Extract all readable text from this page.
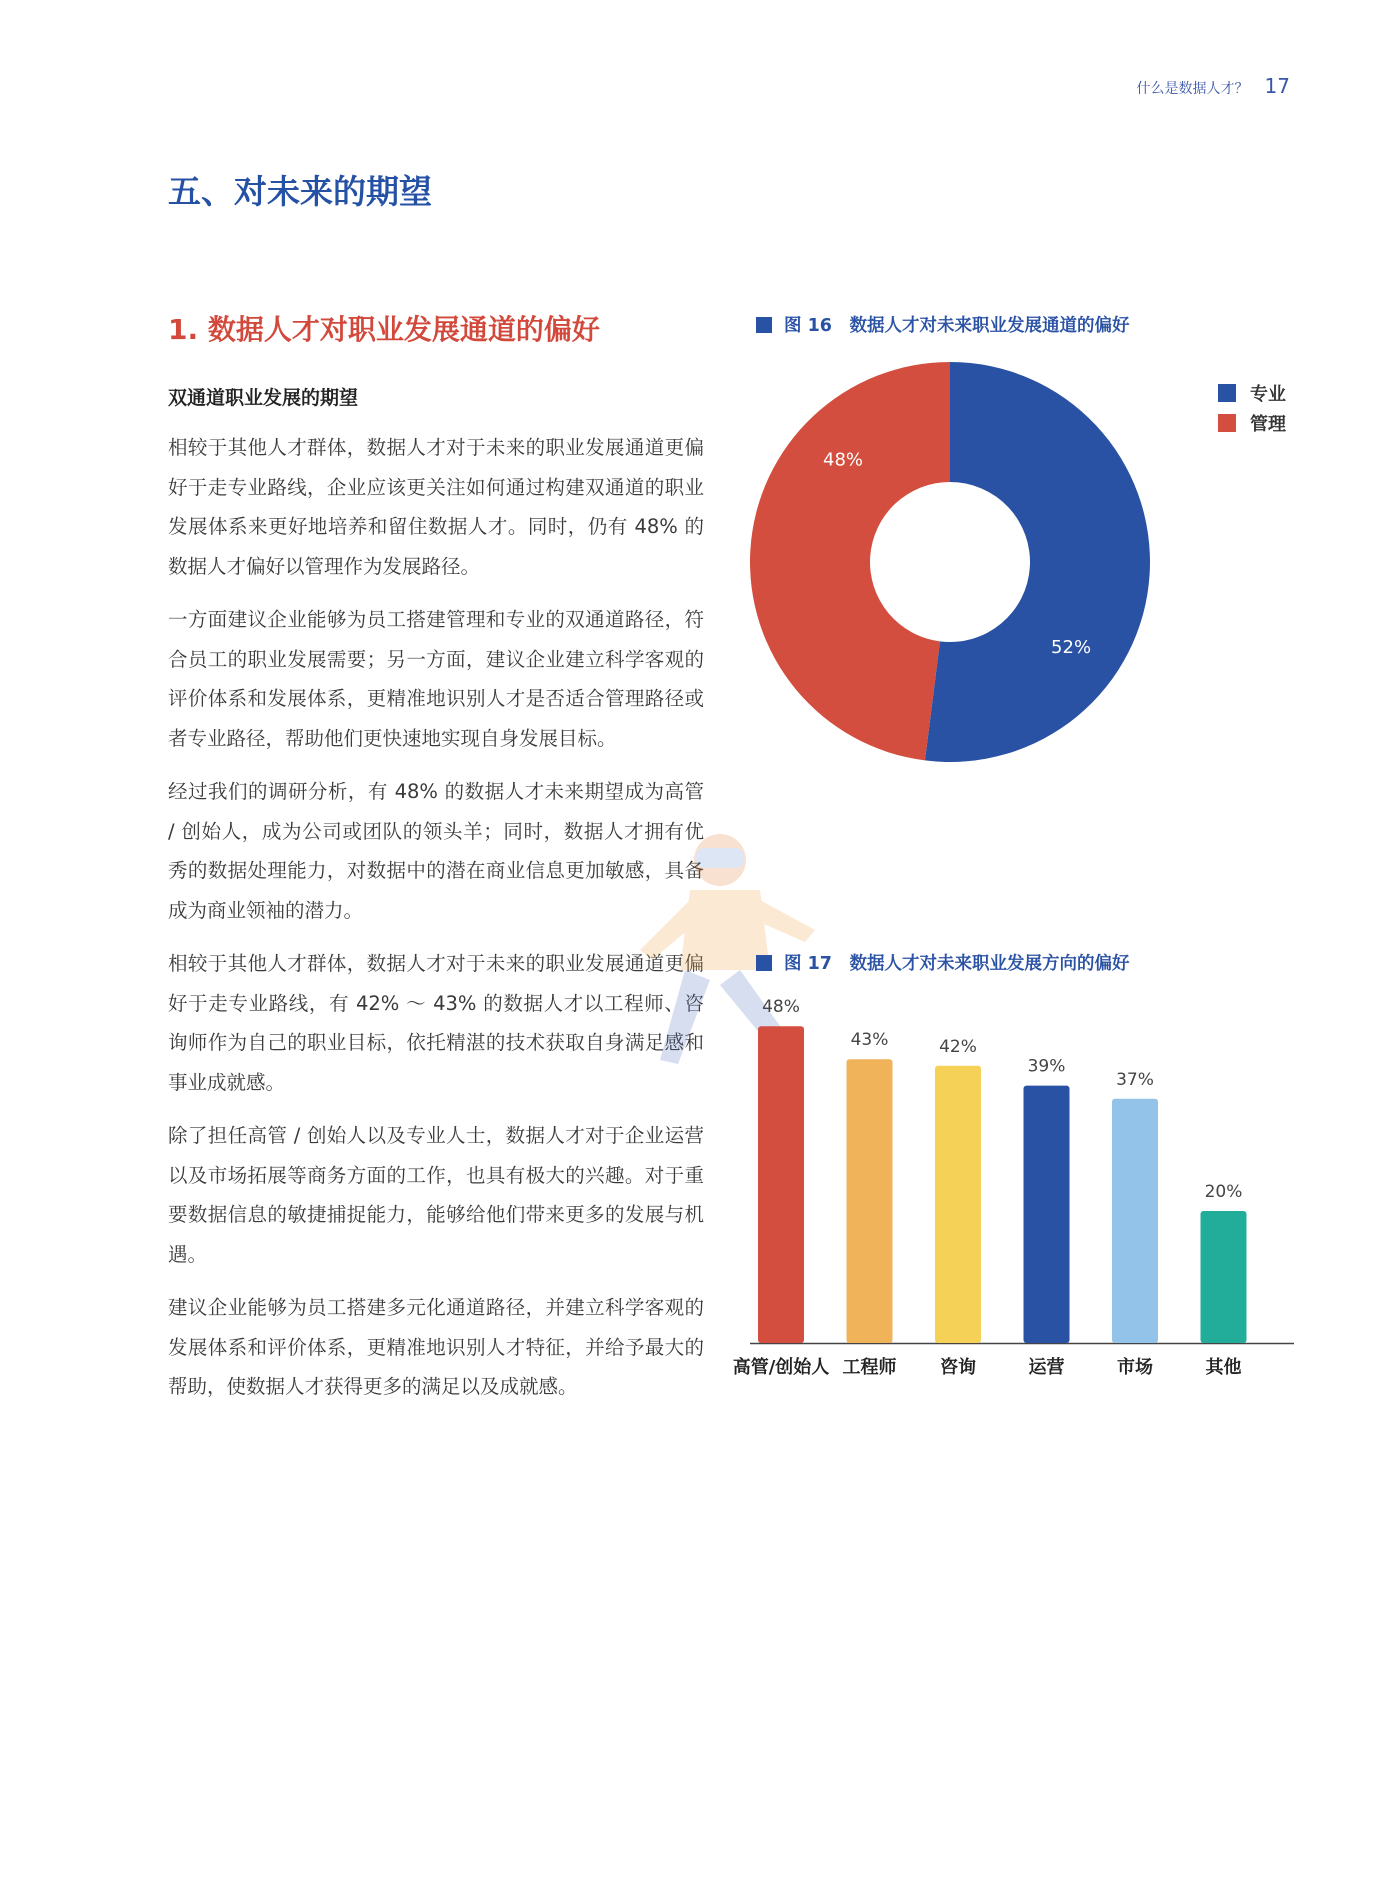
什么是数据人才？ 17
五、对未来的期望
1. 数据人才对职业发展通道的偏好
双通道职业发展的期望

相较于其他人才群体，数据人才对于未来的职业发展通道更偏好于走专业路线，企业应该更关注如何通过构建双通道的职业发展体系来更好地培养和留住数据人才。同时，仍有 48% 的数据人才偏好以管理作为发展路径。

一方面建议企业能够为员工搭建管理和专业的双通道路径，符合员工的职业发展需要；另一方面，建议企业建立科学客观的评价体系和发展体系，更精准地识别人才是否适合管理路径或者专业路径，帮助他们更快速地实现自身发展目标。

经过我们的调研分析，有 48% 的数据人才未来期望成为高管 / 创始人，成为公司或团队的领头羊；同时，数据人才拥有优秀的数据处理能力，对数据中的潜在商业信息更加敏感，具备成为商业领袖的潜力。

相较于其他人才群体，数据人才对于未来的职业发展通道更偏好于走专业路线，有 42% ～ 43% 的数据人才以工程师、咨询师作为自己的职业目标，依托精湛的技术获取自身满足感和事业成就感。

除了担任高管 / 创始人以及专业人士，数据人才对于企业运营以及市场拓展等商务方面的工作，也具有极大的兴趣。对于重要数据信息的敏捷捕捉能力，能够给他们带来更多的发展与机遇。

建议企业能够为员工搭建多元化通道路径，并建立科学客观的发展体系和评价体系，更精准地识别人才特征，并给予最大的帮助，使数据人才获得更多的满足以及成就感。

图 16　数据人才对未来职业发展通道的偏好
52%
48%
专业
管理
图 17　数据人才对未来职业发展方向的偏好
48%
高管/创始人
43%
工程师
42%
咨询
39%
运营
37%
市场
20%
其他
